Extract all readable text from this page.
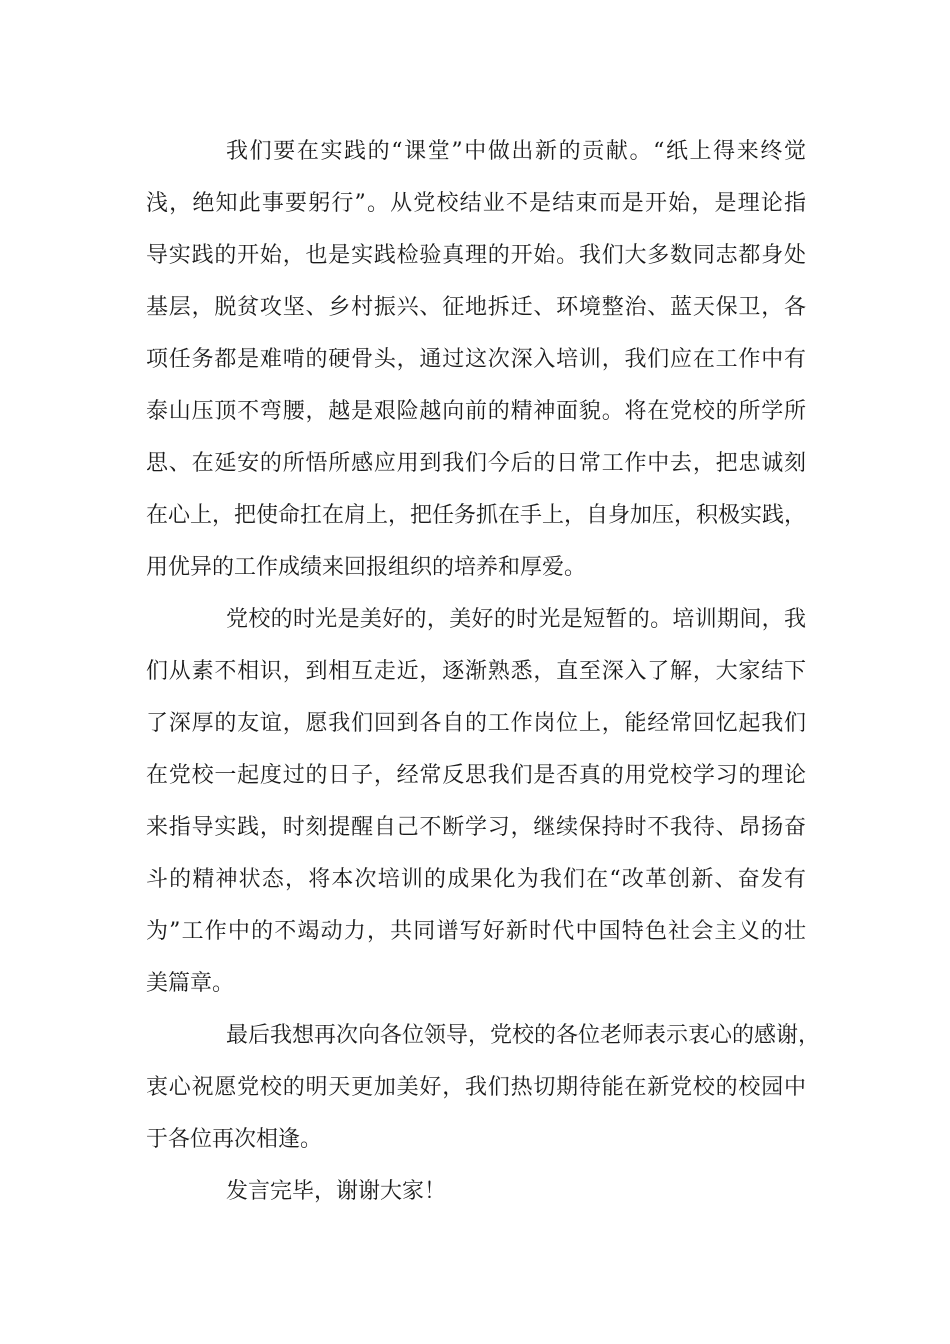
我们要在实践的“课堂”中做出新的贡献。“纸上得来终觉
浅，绝知此事要躬行”。从党校结业不是结束而是开始，是理论指
导实践的开始，也是实践检验真理的开始。我们大多数同志都身处
基层，脱贫攻坚、乡村振兴、征地拆迁、环境整治、蓝天保卫，各
项任务都是难啃的硬骨头，通过这次深入培训，我们应在工作中有
泰山压顶不弯腰，越是艰险越向前的精神面貌。将在党校的所学所
思、在延安的所悟所感应用到我们今后的日常工作中去，把忠诚刻
在心上，把使命扛在肩上，把任务抓在手上，自身加压，积极实践，
用优异的工作成绩来回报组织的培养和厚爱。
党校的时光是美好的，美好的时光是短暂的。培训期间，我
们从素不相识，到相互走近，逐渐熟悉，直至深入了解，大家结下
了深厚的友谊，愿我们回到各自的工作岗位上，能经常回忆起我们
在党校一起度过的日子，经常反思我们是否真的用党校学习的理论
来指导实践，时刻提醒自己不断学习，继续保持时不我待、昂扬奋
斗的精神状态，将本次培训的成果化为我们在“改革创新、奋发有
为”工作中的不竭动力，共同谱写好新时代中国特色社会主义的壮
美篇章。
最后我想再次向各位领导，党校的各位老师表示衷心的感谢，
衷心祝愿党校的明天更加美好，我们热切期待能在新党校的校园中
于各位再次相逢。
发言完毕，谢谢大家！
